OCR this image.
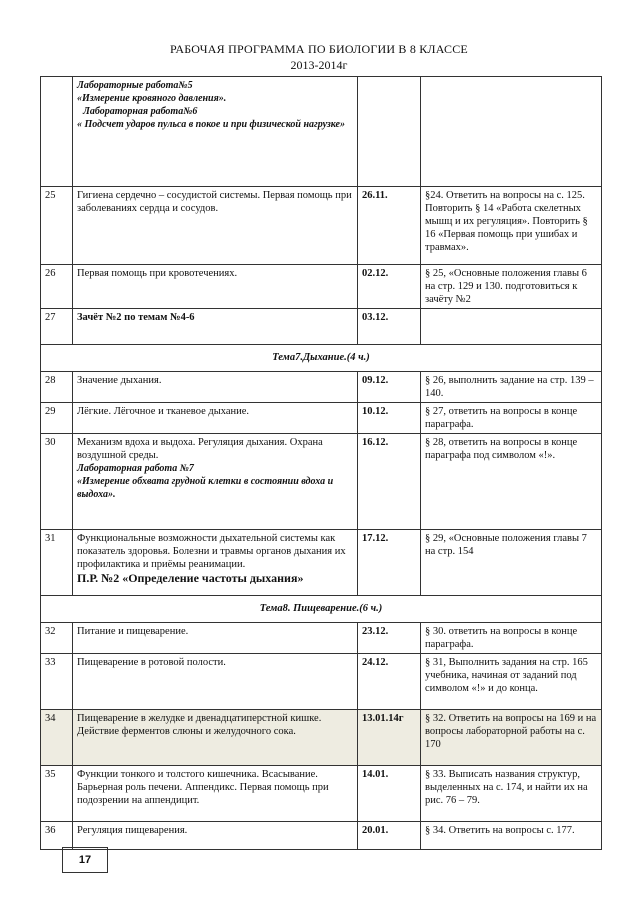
РАБОЧАЯ ПРОГРАММА ПО БИОЛОГИИ В 8 КЛАССЕ
2013-2014г

	Лабораторные работа№5
«Измерение кровяного давления».
Лабораторная работа№6
« Подсчет ударов пульса в покое и при физической нагрузке»		

25	Гигиена сердечно – сосудистой системы. Первая помощь при заболеваниях сердца и сосудов.	26.11.	§24. Ответить на вопросы на с. 125. Повторить § 14 «Работа скелетных мышц и их регуляция». Повторить § 16 «Первая помощь при ушибах и травмах».
26	Первая помощь при кровотечениях.	02.12.	§ 25, «Основные положения главы 6 на стр. 129 и 130. подготовиться к зачёту №2
27	Зачёт №2 по темам №4-6	03.12.	
Тема7.Дыхание.(4 ч.)			
28	Значение дыхания.	09.12.	§ 26, выполнить задание на стр. 139 – 140.
29	Лёгкие. Лёгочное и тканевое дыхание.	10.12.	§ 27, ответить на вопросы в конце параграфа.
30	Механизм вдоха и выдоха. Регуляция дыхания. Охрана воздушной среды.
Лабораторная работа №7
«Измерение обхвата грудной клетки в состоянии вдоха и выдоха».	16.12.	§ 28, ответить на вопросы в конце параграфа под символом «!».
31	Функциональные возможности дыхательной системы как показатель здоровья. Болезни и травмы органов дыхания их профилактика и приёмы реанимации.
П.Р. №2 «Определение частоты дыхания»	17.12.	§ 29, «Основные положения главы 7 на стр. 154
Тема8. Пищеварение.(6 ч.)			
32	Питание и пищеварение.	23.12.	§ 30. ответить на вопросы в конце параграфа.
33	Пищеварение в ротовой полости.	24.12.	§ 31, Выполнить задания на стр. 165 учебника, начиная от заданий под символом «!» и до конца.
34	Пищеварение в желудке и двенадцатиперстной кишке. Действие ферментов слюны и желудочного сока.	13.01.14г	§ 32. Ответить на вопросы на 169 и на вопросы лабораторной работы на с. 170
35	Функции тонкого и толстого кишечника. Всасывание. Барьерная роль печени. Аппендикс. Первая помощь при подозрении на аппендицит.	14.01.	§ 33. Выписать названия структур, выделенных на с. 174, и найти их на рис. 76 – 79.
36	Регуляция пищеварения.	20.01.	§ 34. Ответить на вопросы с. 177.
17
